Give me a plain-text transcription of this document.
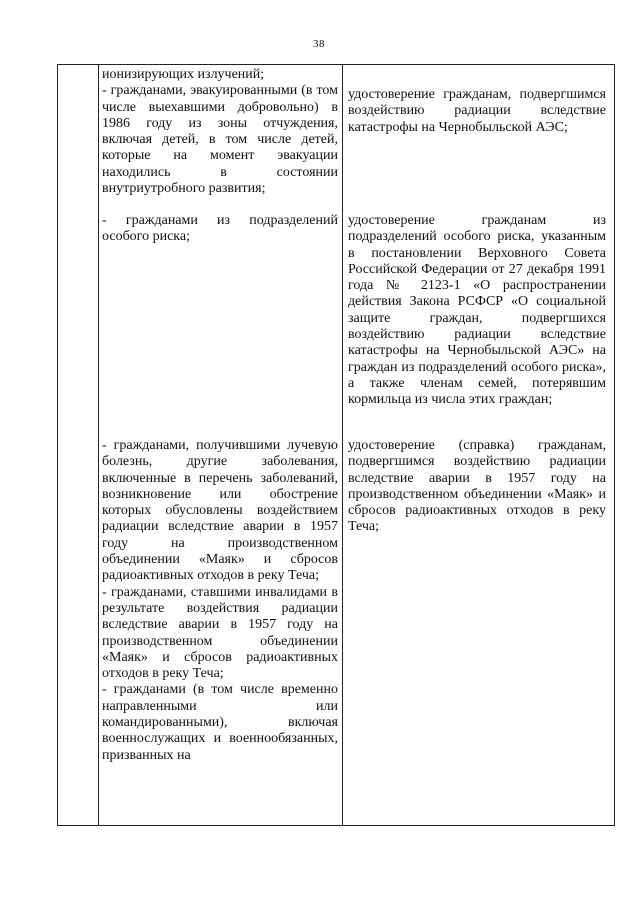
38

ионизирующих излучений;

- гражданами, эвакуированными (в том числе выехавшими добровольно) в 1986 году из зоны отчуждения, включая детей, в том числе детей, которые на момент эвакуации находились в состоянии внутриутробного развития;

- гражданами из подразделений особого риска;

- гражданами, получившими лучевую болезнь, другие заболевания, включенные в перечень заболеваний, возникновение или обострение которых обусловлены воздействием радиации вследствие аварии в 1957 году на производственном объединении «Маяк» и сбросов радиоактивных отходов в реку Теча;

- гражданами, ставшими инвалидами в результате воздействия радиации вследствие аварии в 1957 году на производственном объединении «Маяк» и сбросов радиоактивных отходов в реку Теча;

- гражданами (в том числе временно направленными или командированными), включая военнослужащих и военнообязанных, призванных на

удостоверение гражданам, подвергшимся воздействию радиации вследствие катастрофы на Чернобыльской АЭС;

удостоверение гражданам из подразделений особого риска, указанным в постановлении Верховного Совета Российской Федерации от 27 декабря 1991 года № 2123-1 «О распространении действия Закона РСФСР «О социальной защите граждан, подвергшихся воздействию радиации вследствие катастрофы на Чернобыльской АЭС» на граждан из подразделений особого риска», а также членам семей, потерявшим кормильца из числа этих граждан;

удостоверение (справка) гражданам, подвергшимся воздействию радиации вследствие аварии в 1957 году на производственном объединении «Маяк» и сбросов радиоактивных отходов в реку Теча;
